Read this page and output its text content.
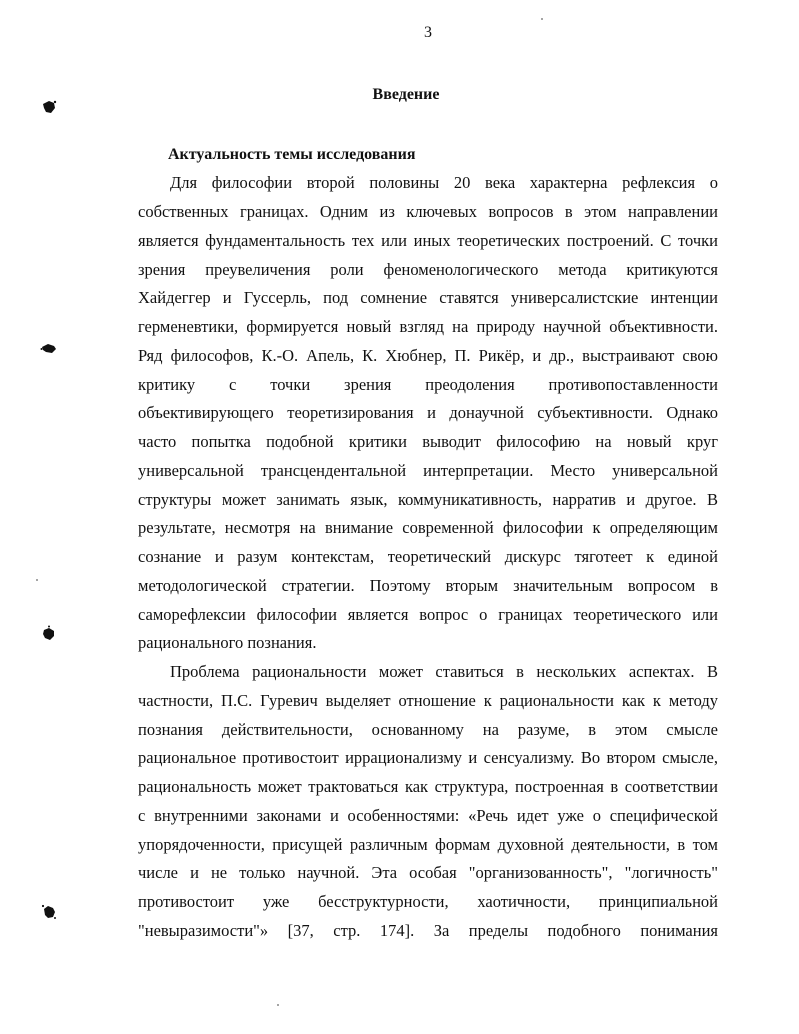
3
Введение
Актуальность темы исследования
Для философии второй половины 20 века характерна рефлексия о
собственных границах. Одним из ключевых вопросов в этом направлении
является фундаментальность тех или иных теоретических построений. С точки
зрения преувеличения роли феноменологического метода критикуются
Хайдеггер и Гуссерль, под сомнение ставятся универсалистские интенции
герменевтики, формируется новый взгляд на природу научной объективности.
Ряд философов, К.-О. Апель, К. Хюбнер, П. Рикёр, и др., выстраивают свою
критику с точки зрения преодоления противопоставленности
объективирующего теоретизирования и донаучной субъективности. Однако
часто попытка подобной критики выводит философию на новый круг
универсальной трансцендентальной интерпретации. Место универсальной
структуры может занимать язык, коммуникативность, нарратив и другое. В
результате, несмотря на внимание современной философии к определяющим
сознание и разум контекстам, теоретический дискурс тяготеет к единой
методологической стратегии. Поэтому вторым значительным вопросом в
саморефлексии философии является вопрос о границах теоретического или
рационального познания.
Проблема рациональности может ставиться в нескольких аспектах. В
частности, П.С. Гуревич выделяет отношение к рациональности как к методу
познания действительности, основанному на разуме, в этом смысле
рациональное противостоит иррационализму и сенсуализму. Во втором смысле,
рациональность может трактоваться как структура, построенная в соответствии
с внутренними законами и особенностями: «Речь идет уже о специфической
упорядоченности, присущей различным формам духовной деятельности, в том
числе и не только научной. Эта особая "организованность", "логичность"
противостоит уже бесструктурности, хаотичности, принципиальной
"невыразимости"» [37, стр. 174]. За пределы подобного понимания
